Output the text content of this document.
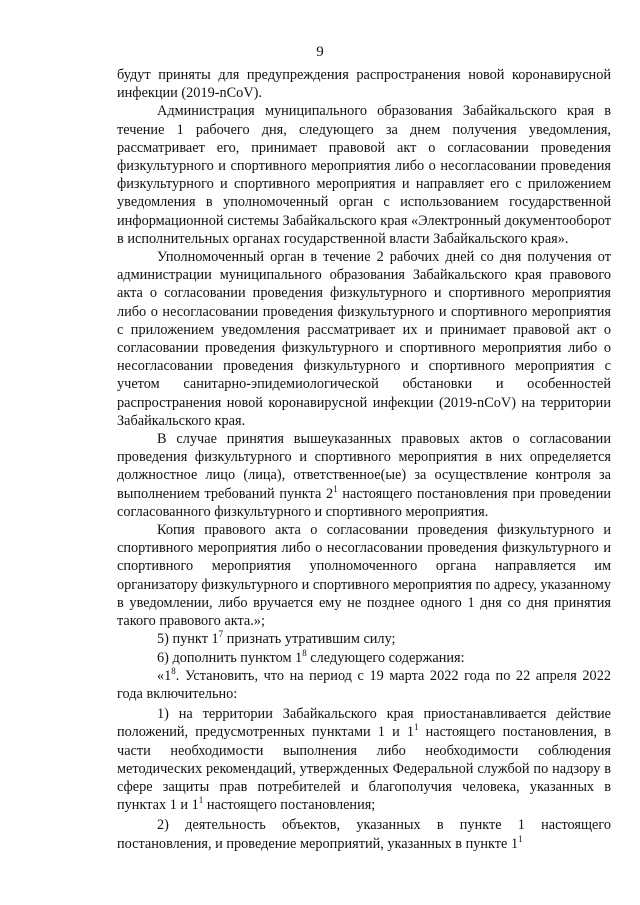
9

будут приняты для предупреждения распространения новой коронавирусной инфекции (2019-nCoV).

Администрация муниципального образования Забайкальского края в течение 1 рабочего дня, следующего за днем получения уведомления, рассматривает его, принимает правовой акт о согласовании проведения физкультурного и спортивного мероприятия либо о несогласовании проведения физкультурного и спортивного мероприятия и направляет его с приложением уведомления в уполномоченный орган с использованием государственной информационной системы Забайкальского края «Электронный документооборот в исполнительных органах государственной власти Забайкальского края».

Уполномоченный орган в течение 2 рабочих дней со дня получения от администрации муниципального образования Забайкальского края правового акта о согласовании проведения физкультурного и спортивного мероприятия либо о несогласовании проведения физкультурного и спортивного мероприятия с приложением уведомления рассматривает их и принимает правовой акт о согласовании проведения физкультурного и спортивного мероприятия либо о несогласовании проведения физкультурного и спортивного мероприятия с учетом санитарно-эпидемиологической обстановки и особенностей распространения новой коронавирусной инфекции (2019-nCoV) на территории Забайкальского края.

В случае принятия вышеуказанных правовых актов о согласовании проведения физкультурного и спортивного мероприятия в них определяется должностное лицо (лица), ответственное(ые) за осуществление контроля за выполнением требований пункта $2^1$ настоящего постановления при проведении согласованного физкультурного и спортивного мероприятия.

Копия правового акта о согласовании проведения физкультурного и спортивного мероприятия либо о несогласовании проведения физкультурного и спортивного мероприятия уполномоченного органа направляется им организатору физкультурного и спортивного мероприятия по адресу, указанному в уведомлении, либо вручается ему не позднее одного 1 дня со дня принятия такого правового акта.»;

5) пункт $1^7$ признать утратившим силу;

6) дополнить пунктом $1^8$ следующего содержания:

«$1^8$. Установить, что на период с 19 марта 2022 года по 22 апреля 2022 года включительно:

1) на территории Забайкальского края приостанавливается действие положений, предусмотренных пунктами 1 и $1^1$ настоящего постановления, в части необходимости выполнения либо необходимости соблюдения методических рекомендаций, утвержденных Федеральной службой по надзору в сфере защиты прав потребителей и благополучия человека, указанных в пунктах 1 и $1^1$ настоящего постановления;

2) деятельность объектов, указанных в пункте 1 настоящего постановления, и проведение мероприятий, указанных в пункте $1^1$
